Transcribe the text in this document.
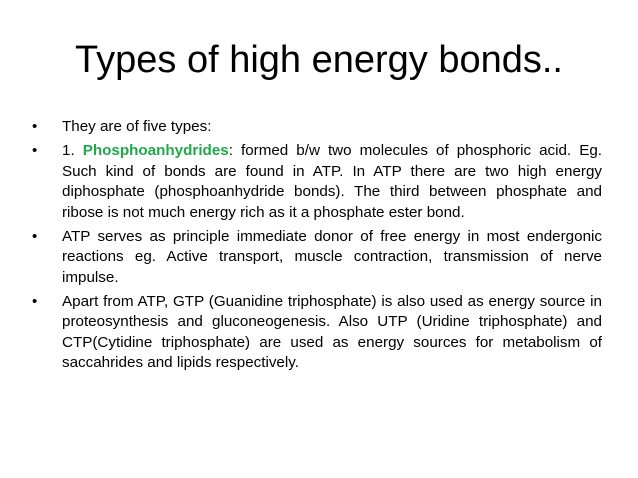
Types of high energy bonds..
•	They are of five types:
•	1. Phosphoanhydrides: formed b/w two molecules of phosphoric acid. Eg. Such kind of bonds are found in ATP. In ATP there are two high energy diphosphate (phosphoanhydride bonds). The third between phosphate and ribose is not much energy rich as it a phosphate ester bond.
•	ATP serves as principle immediate donor of free energy in most endergonic reactions eg. Active transport, muscle contraction, transmission of nerve impulse.
•	Apart from ATP, GTP (Guanidine triphosphate) is also used as energy source in proteosynthesis and gluconeogenesis. Also UTP (Uridine triphosphate) and CTP(Cytidine triphosphate) are used as energy sources for metabolism of saccahrides and lipids respectively.
